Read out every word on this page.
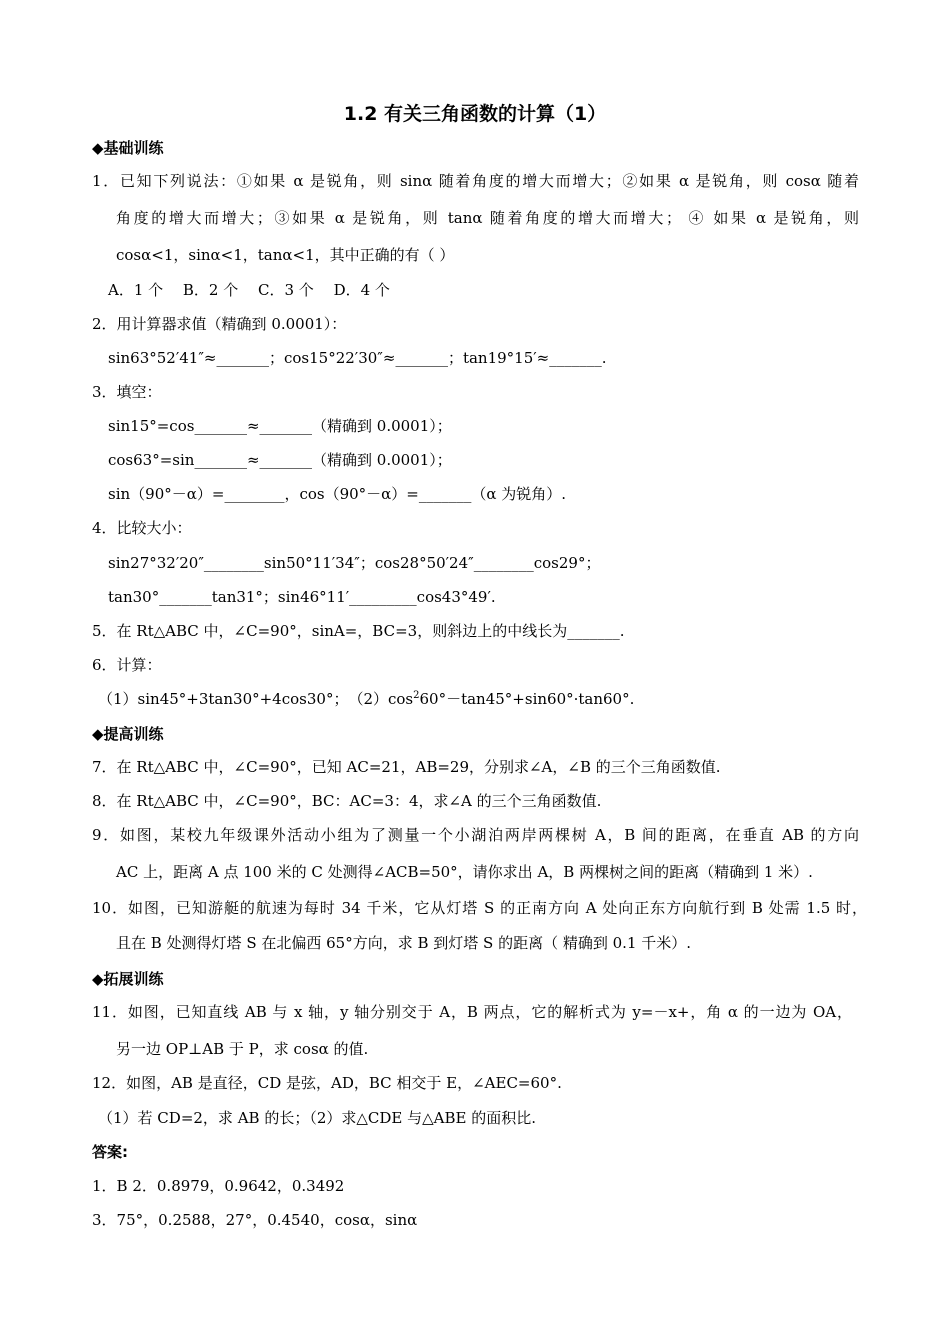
1.2 有关三角函数的计算（1）
◆基础训练
1．已知下列说法：①如果 α 是锐角，则 sinα 随着角度的增大而增大；②如果 α 是锐角，则 cosα 随着
角度的增大而增大；③如果 α 是锐角，则 tanα 随着角度的增大而增大； ④ 如果 α 是锐角，则
cosα<1，sinα<1，tanα<1，其中正确的有（ ）
A．1 个　 B．2 个　 C．3 个　 D．4 个
2．用计算器求值（精确到 0.0001）：
sin63°52′41″≈_______；cos15°22′30″≈_______；tan19°15′≈_______.
3．填空：
sin15°=cos_______≈_______（精确到 0.0001）；
cos63°=sin_______≈_______（精确到 0.0001）；
sin（90°－α）=________，cos（90°－α）=_______（α 为锐角）.
4．比较大小：
sin27°32′20″________sin50°11′34″；cos28°50′24″________cos29°；
tan30°_______tan31°；sin46°11′_________cos43°49′.
5．在 Rt△ABC 中，∠C=90°，sinA=，BC=3，则斜边上的中线长为_______.
6．计算：
（1）sin45°+3tan30°+4cos30°；　$(2)\cos^260^\circ-\tan 45^\circ+\sin 60^\circ\cdot\tan 60^\circ$.
◆提高训练
7．在 Rt△ABC 中，∠C=90°，已知 AC=21，AB=29，分别求∠A，∠B 的三个三角函数值.
8．在 Rt△ABC 中，∠C=90°，BC：AC=3：4，求∠A 的三个三角函数值.
9．如图，某校九年级课外活动小组为了测量一个小湖泊两岸两棵树 A，B 间的距离，在垂直 AB 的方向
AC 上，距离 A 点 100 米的 C 处测得∠ACB=50°，请你求出 A，B 两棵树之间的距离（精确到 1 米）.
10．如图，已知游艇的航速为每时 34 千米，它从灯塔 S 的正南方向 A 处向正东方向航行到 B 处需 1.5 时，
且在 B 处测得灯塔 S 在北偏西 65°方向，求 B 到灯塔 S 的距离（ 精确到 0.1 千米）.
◆拓展训练
11．如图，已知直线 AB 与 x 轴，y 轴分别交于 A，B 两点，它的解析式为 y=－x+，角 α 的一边为 OA，
另一边 OP⊥AB 于 P，求 cosα 的值.
12．如图，AB 是直径，CD 是弦，AD，BC 相交于 E，∠AEC=60°.
（1）若 CD=2，求 AB 的长；（2）求△CDE 与△ABE 的面积比.
答案:
1．B 2．0.8979，0.9642，0.3492
3．75°，0.2588，27°，0.4540，cosα，sinα
